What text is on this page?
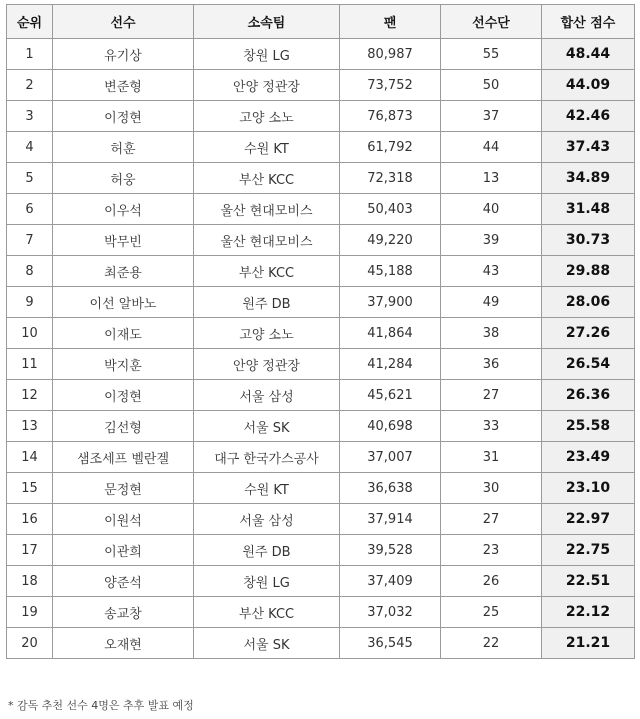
순위	선수	소속팀	팬	선수단	합산 점수
1	유기상	창원 LG	80,987	55	48.44
2	변준형	안양 정관장	73,752	50	44.09
3	이정현	고양 소노	76,873	37	42.46
4	허훈	수원 KT	61,792	44	37.43
5	허웅	부산 KCC	72,318	13	34.89
6	이우석	울산 현대모비스	50,403	40	31.48
7	박무빈	울산 현대모비스	49,220	39	30.73
8	최준용	부산 KCC	45,188	43	29.88
9	이선 알바노	원주 DB	37,900	49	28.06
10	이재도	고양 소노	41,864	38	27.26
11	박지훈	안양 정관장	41,284	36	26.54
12	이정현	서울 삼성	45,621	27	26.36
13	김선형	서울 SK	40,698	33	25.58
14	샘조세프 벨란겔	대구 한국가스공사	37,007	31	23.49
15	문정현	수원 KT	36,638	30	23.10
16	이원석	서울 삼성	37,914	27	22.97
17	이관희	원주 DB	39,528	23	22.75
18	양준석	창원 LG	37,409	26	22.51
19	송교창	부산 KCC	37,032	25	22.12
20	오재현	서울 SK	36,545	22	21.21
* 감독 추천 선수 4명은 추후 발표 예정
